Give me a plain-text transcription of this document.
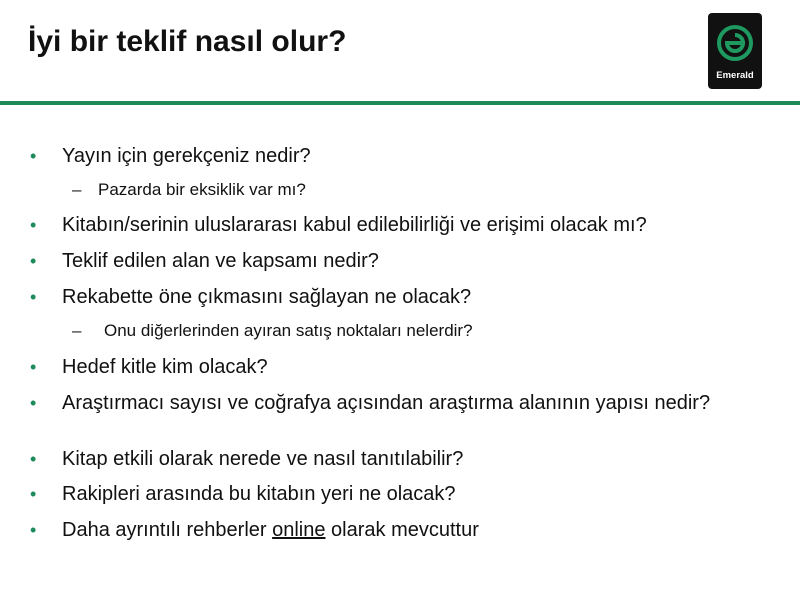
İyi bir teklif nasıl olur?
Emerald
• Yayın için gerekçeniz nedir?
– Pazarda bir eksiklik var mı?
• Kitabın/serinin uluslararası kabul edilebilirliği ve erişimi olacak mı?
• Teklif edilen alan ve kapsamı nedir?
• Rekabette öne çıkmasını sağlayan ne olacak?
– Onu diğerlerinden ayıran satış noktaları nelerdir?
• Hedef kitle kim olacak?
• Araştırmacı sayısı ve coğrafya açısından araştırma alanının yapısı nedir?
• Kitap etkili olarak nerede ve nasıl tanıtılabilir?
• Rakipleri arasında bu kitabın yeri ne olacak?
• Daha ayrıntılı rehberler online olarak mevcuttur
